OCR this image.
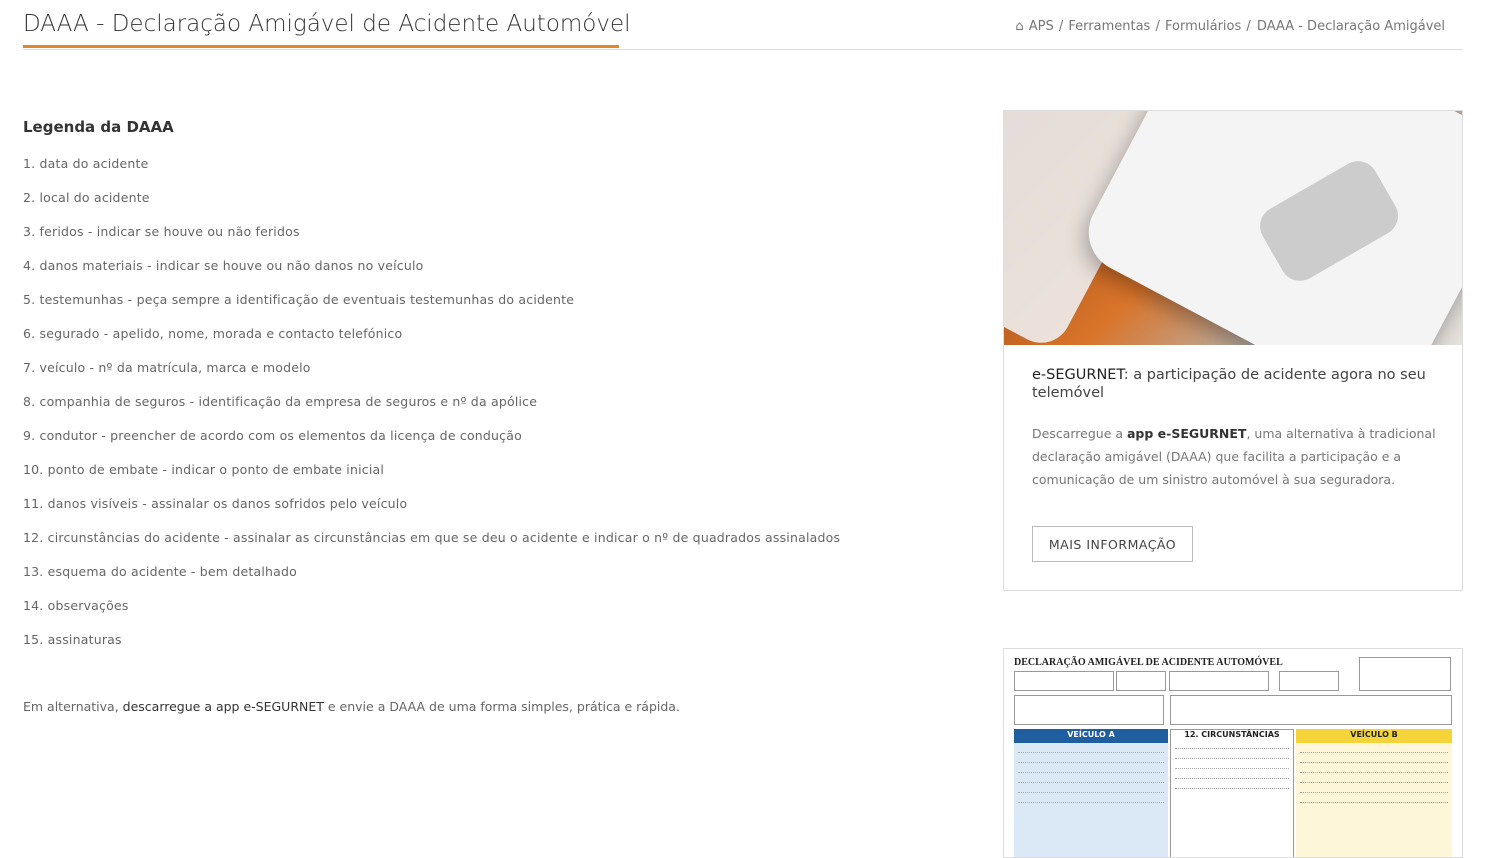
DAAA - Declaração Amigável de Acidente Automóvel	⌂ APS / Ferramentas / Formulários / DAAA - Declaração Amigável
Legenda da DAAA
1. data do acidente
2. local do acidente
3. feridos - indicar se houve ou não feridos
4. danos materiais - indicar se houve ou não danos no veículo
5. testemunhas - peça sempre a identificação de eventuais testemunhas do acidente
6. segurado - apelido, nome, morada e contacto telefónico
7. veículo - nº da matrícula, marca e modelo
8. companhia de seguros - identificação da empresa de seguros e nº da apólice
9. condutor - preencher de acordo com os elementos da licença de condução
10. ponto de embate - indicar o ponto de embate inicial
11. danos visíveis - assinalar os danos sofridos pelo veículo
12. circunstâncias do acidente - assinalar as circunstâncias em que se deu o acidente e indicar o nº de quadrados assinalados
13. esquema do acidente - bem detalhado
14. observações
15. assinaturas

Em alternativa, descarregue a app e-SEGURNET e envie a DAAA de uma forma simples, prática e rápida.

e-SEGURNET: a participação de acidente agora no seu telemóvel

Descarregue a app e-SEGURNET, uma alternativa à tradicional declaração amigável (DAAA) que facilita a participação e a comunicação de um sinistro automóvel à sua seguradora.

MAIS INFORMAÇÃO
DECLARAÇÃO AMIGÁVEL DE ACIDENTE AUTOMÓVEL
VEÍCULO A	12. CIRCUNSTÂNCIAS	VEÍCULO B
